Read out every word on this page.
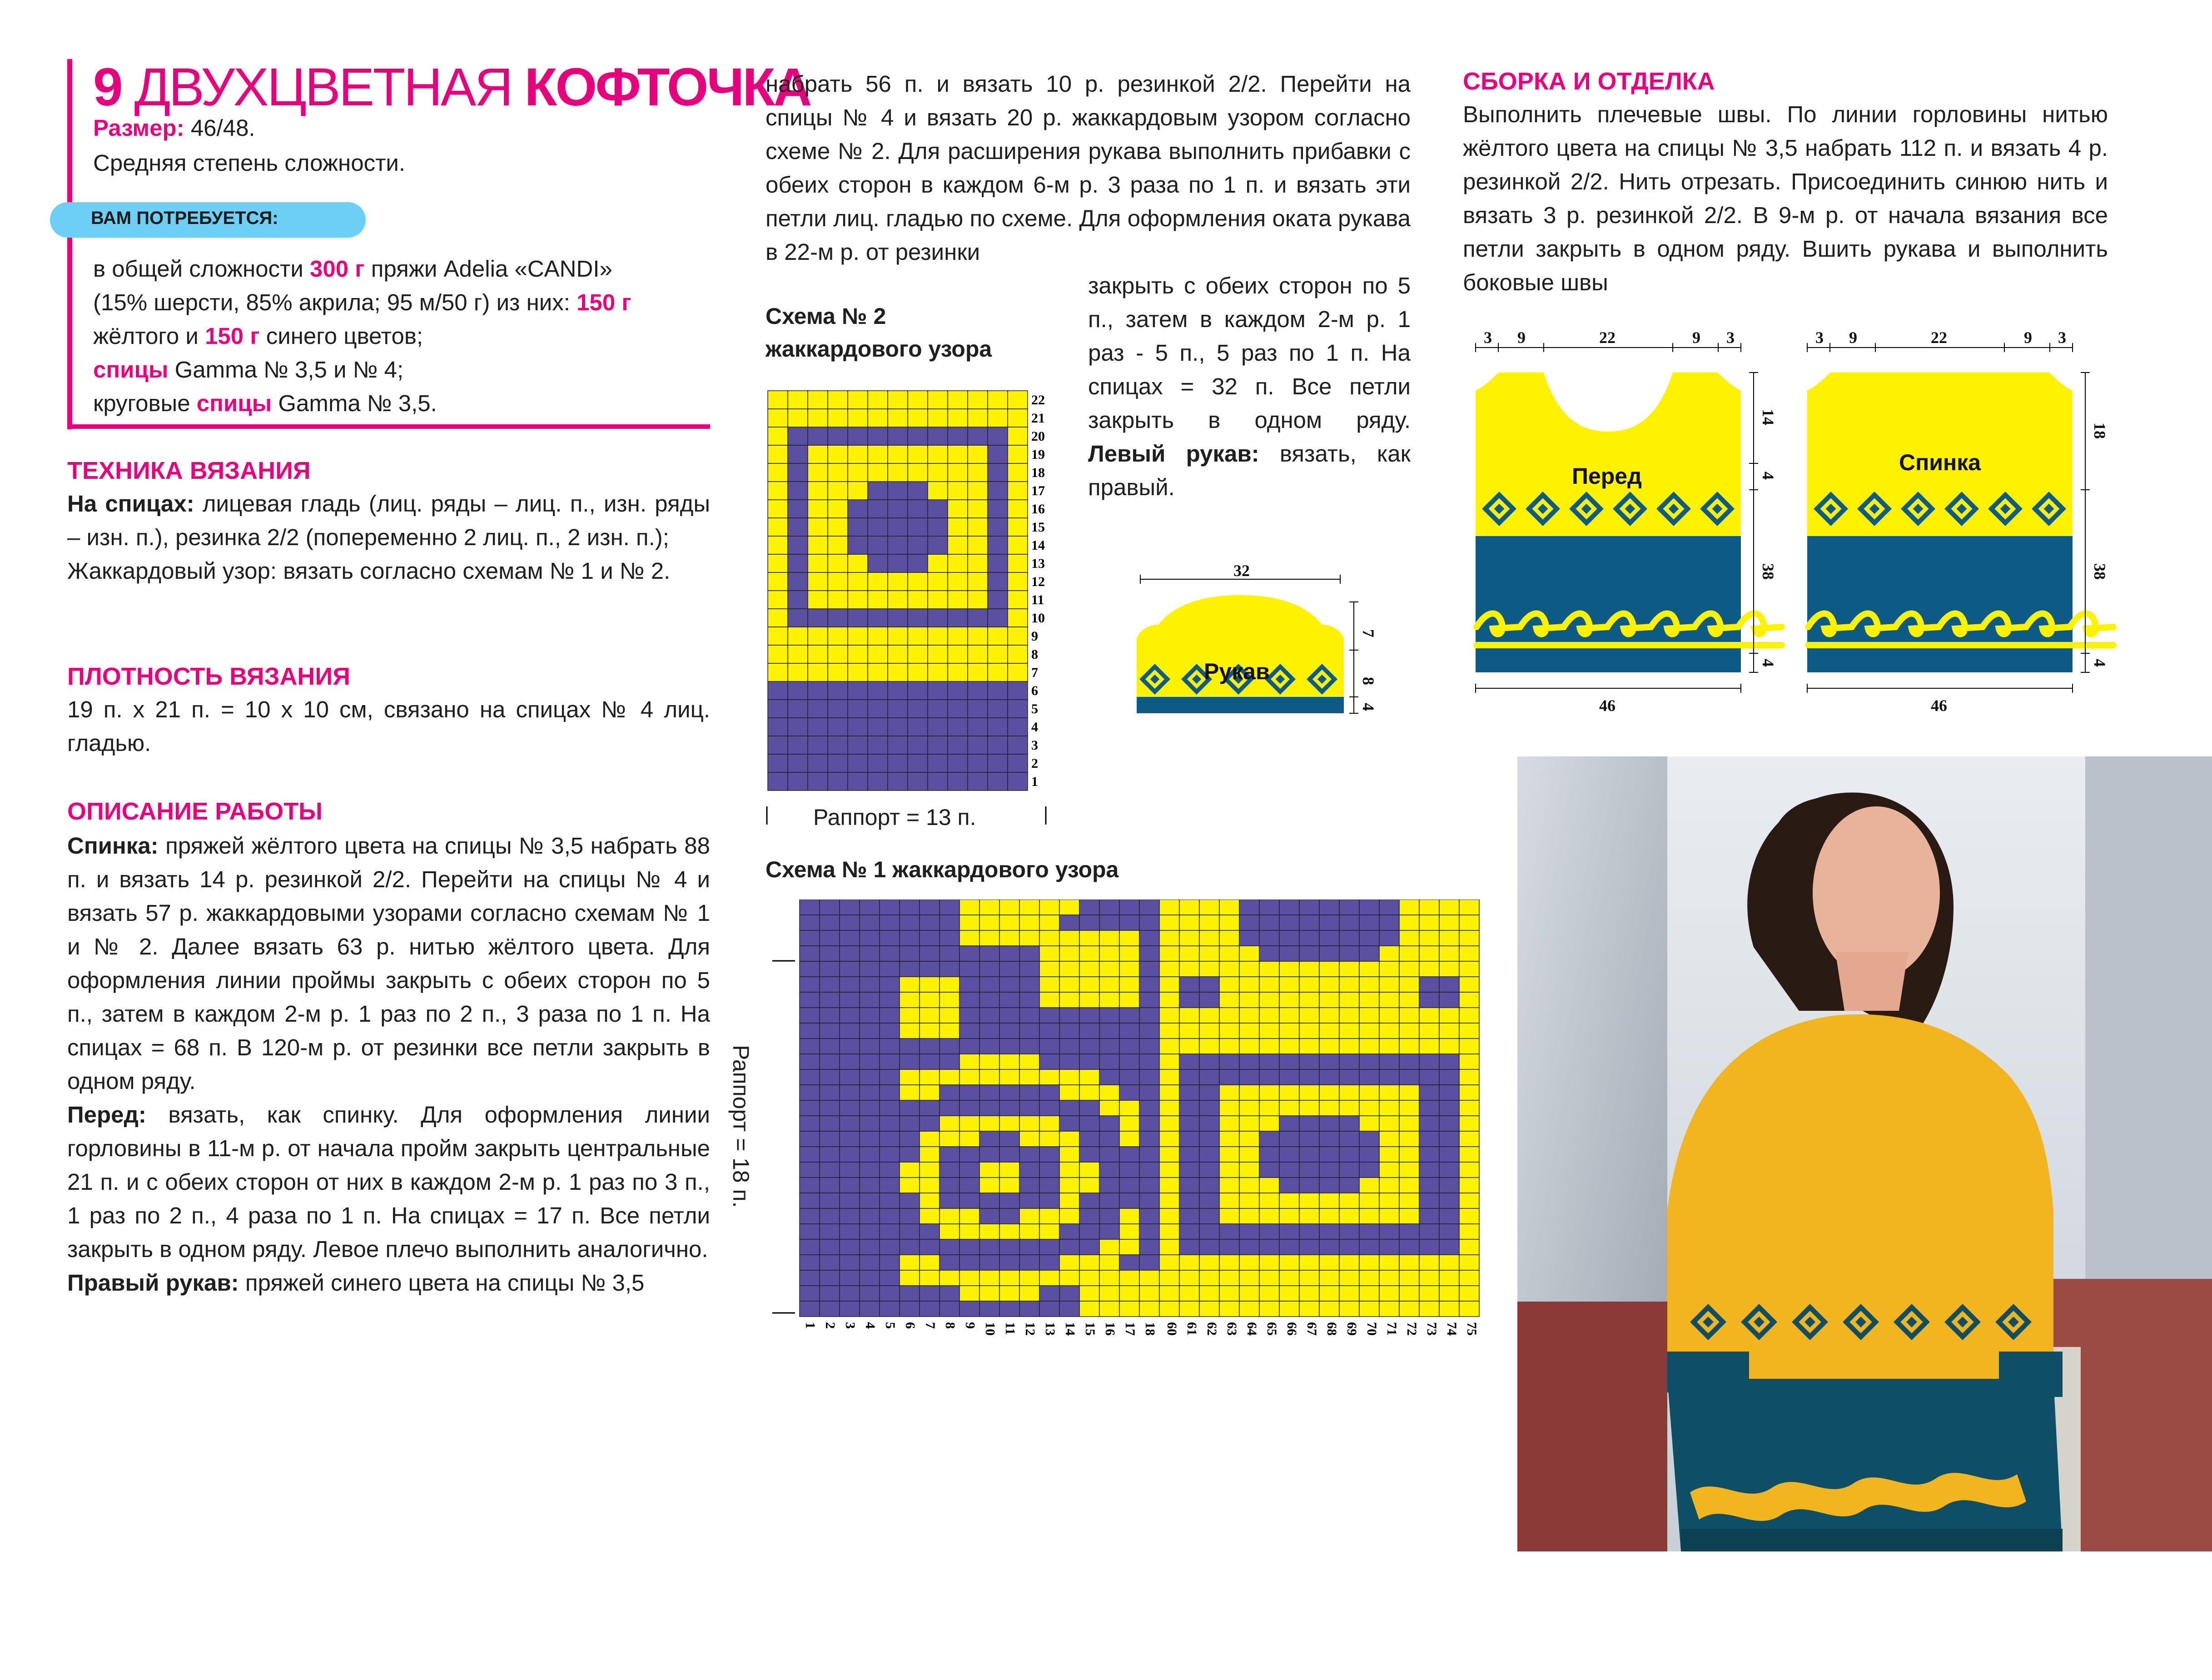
9 ДВУХЦВЕТНАЯ КОФТОЧКА
Размер: 46/48.
Средняя степень сложности.
ВАМ ПОТРЕБУЕТСЯ:
в общей сложности 300 г пряжи Adelia «CANDI»
(15% шерсти, 85% акрила; 95 м/50 г) из них: 150 г
жёлтого и 150 г синего цветов;
спицы Gamma № 3,5 и № 4;
круговые спицы Gamma № 3,5.
ТЕХНИКА ВЯЗАНИЯ
На спицах: лицевая гладь (лиц. ряды – лиц. п., изн. ряды – изн. п.), резинка 2/2 (попеременно 2 лиц. п., 2 изн. п.);
Жаккардовый узор: вязать согласно схемам № 1 и № 2.
ПЛОТНОСТЬ ВЯЗАНИЯ
19 п. х 21 п. = 10 х 10 см, связано на спицах № 4 лиц. гладью.
ОПИСАНИЕ РАБОТЫ
Спинка: пряжей жёлтого цвета на спицы № 3,5 набрать 88 п. и вязать 14 р. резинкой 2/2. Перейти на спицы № 4 и вязать 57 р. жаккардовыми узорами согласно схемам № 1 и № 2. Далее вязать 63 р. нитью жёлтого цвета. Для оформления линии проймы закрыть с обеих сторон по 5 п., затем в каждом 2-м р. 1 раз по 2 п., 3 раза по 1 п. На спицах = 68 п. В 120-м р. от резинки все петли закрыть в одном ряду.
Перед: вязать, как спинку. Для оформления линии горловины в 11-м р. от начала пройм закрыть центральные 21 п. и с обеих сторон от них в каждом 2-м р. 1 раз по 3 п., 1 раз по 2 п., 4 раза по 1 п. На спицах = 17 п. Все петли закрыть в одном ряду. Левое плечо выполнить аналогично.
Правый рукав: пряжей синего цвета на спицы № 3,5
набрать 56 п. и вязать 10 р. резинкой 2/2. Перейти на спицы № 4 и вязать 20 р. жаккардовым узором согласно схеме № 2. Для расширения рукава выполнить прибавки с обеих сторон в каждом 6-м р. 3 раза по 1 п. и вязать эти петли лиц. гладью по схеме. Для оформления оката рукава в 22-м р. от резинки
закрыть с обеих сторон по 5 п., затем в каждом 2-м р. 1 раз - 5 п., 5 раз по 1 п. На спицах = 32 п. Все петли закрыть в одном ряду. Левый рукав: вязать, как правый.
Схема № 2
жаккардового узора
22
21
20
19
18
17
16
15
14
13
12
11
10
9
8
7
6
5
4
3
2
1
Раппорт = 13 п.
32
Рукав
7
8
4
Схема № 1 жаккардового узора
Раппорт = 18 п.
1 2 3 4 5 6 7 8 9 10 11 12 13 14 15 16 17 18 60 61 62 63 64 65 66 67 68 69 70 71 72 73 74 75
СБОРКА И ОТДЕЛКА
Выполнить плечевые швы. По линии горловины нитью жёлтого цвета на спицы № 3,5 набрать 112 п. и вязать 4 р. резинкой 2/2. Нить отрезать. Присоединить синюю нить и вязать 3 р. резинкой 2/2. В 9-м р. от начала вязания все петли закрыть в одном ряду. Вшить рукава и выполнить боковые швы
3 9	22	9 3
Перед
14
4
38
4
46
3 9	22	9 3
Спинка
18
38
4
46
